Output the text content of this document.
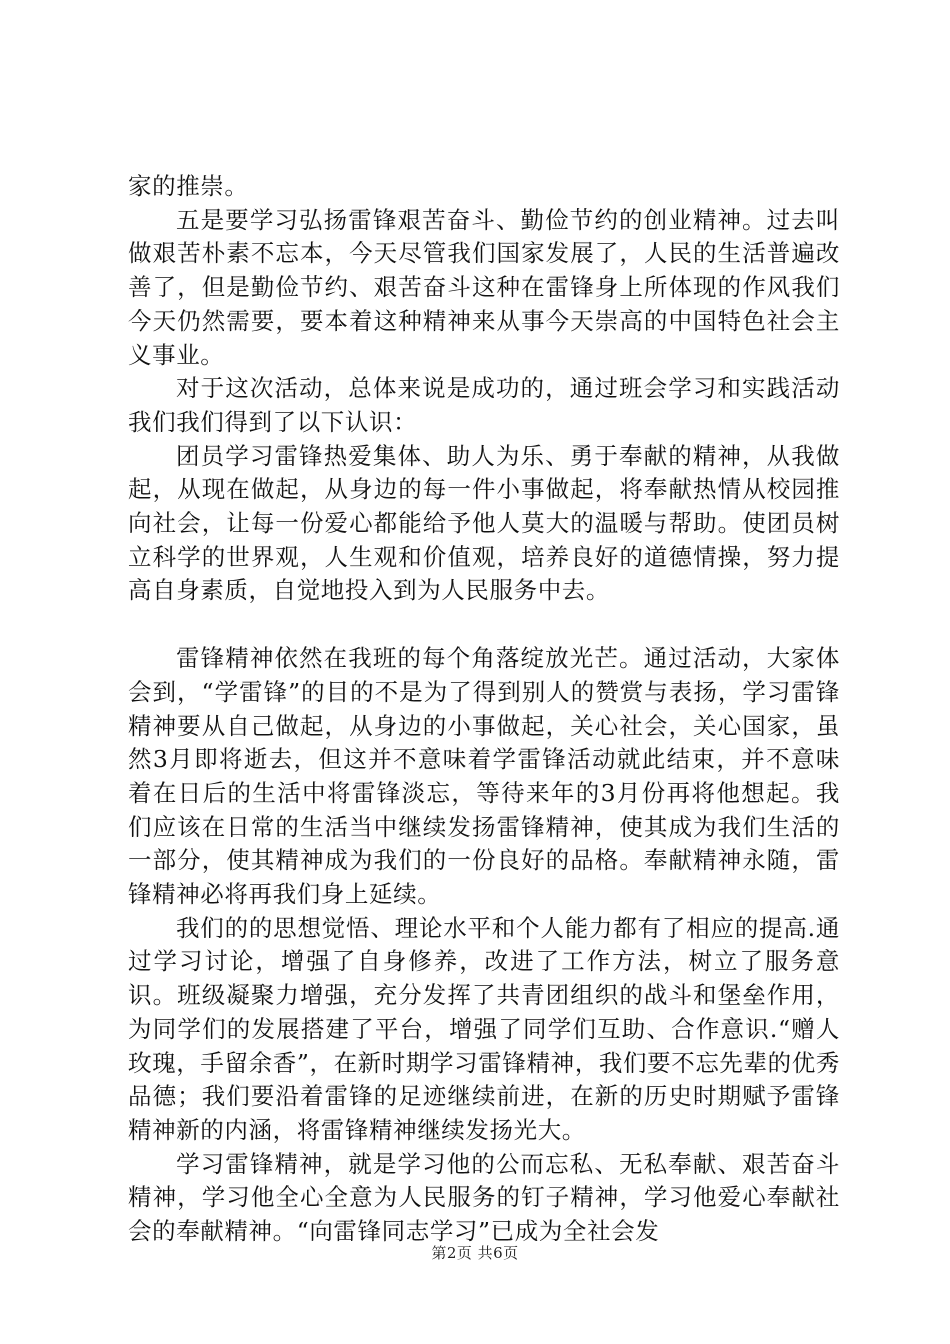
家的推崇。

五是要学习弘扬雷锋艰苦奋斗、勤俭节约的创业精神。过去叫做艰苦朴素不忘本，今天尽管我们国家发展了，人民的生活普遍改善了，但是勤俭节约、艰苦奋斗这种在雷锋身上所体现的作风我们今天仍然需要，要本着这种精神来从事今天崇高的中国特色社会主义事业。

对于这次活动，总体来说是成功的，通过班会学习和实践活动我们我们得到了以下认识：

团员学习雷锋热爱集体、助人为乐、勇于奉献的精神，从我做起，从现在做起，从身边的每一件小事做起，将奉献热情从校园推向社会，让每一份爱心都能给予他人莫大的温暖与帮助。使团员树立科学的世界观，人生观和价值观，培养良好的道德情操，努力提高自身素质，自觉地投入到为人民服务中去。

雷锋精神依然在我班的每个角落绽放光芒。通过活动，大家体会到，“学雷锋”的目的不是为了得到别人的赞赏与表扬，学习雷锋精神要从自己做起，从身边的小事做起，关心社会，关心国家，虽然3月即将逝去，但这并不意味着学雷锋活动就此结束，并不意味着在日后的生活中将雷锋淡忘，等待来年的3月份再将他想起。我们应该在日常的生活当中继续发扬雷锋精神，使其成为我们生活的一部分，使其精神成为我们的一份良好的品格。奉献精神永随，雷锋精神必将再我们身上延续。

我们的的思想觉悟、理论水平和个人能力都有了相应的提高.通过学习讨论，增强了自身修养，改进了工作方法，树立了服务意识。班级凝聚力增强，充分发挥了共青团组织的战斗和堡垒作用，为同学们的发展搭建了平台，增强了同学们互助、合作意识.“赠人玫瑰，手留余香”，在新时期学习雷锋精神，我们要不忘先辈的优秀品德；我们要沿着雷锋的足迹继续前进，在新的历史时期赋予雷锋精神新的内涵，将雷锋精神继续发扬光大。

学习雷锋精神，就是学习他的公而忘私、无私奉献、艰苦奋斗精神，学习他全心全意为人民服务的钉子精神，学习他爱心奉献社会的奉献精神。“向雷锋同志学习”已成为全社会发

第2页 共6页
